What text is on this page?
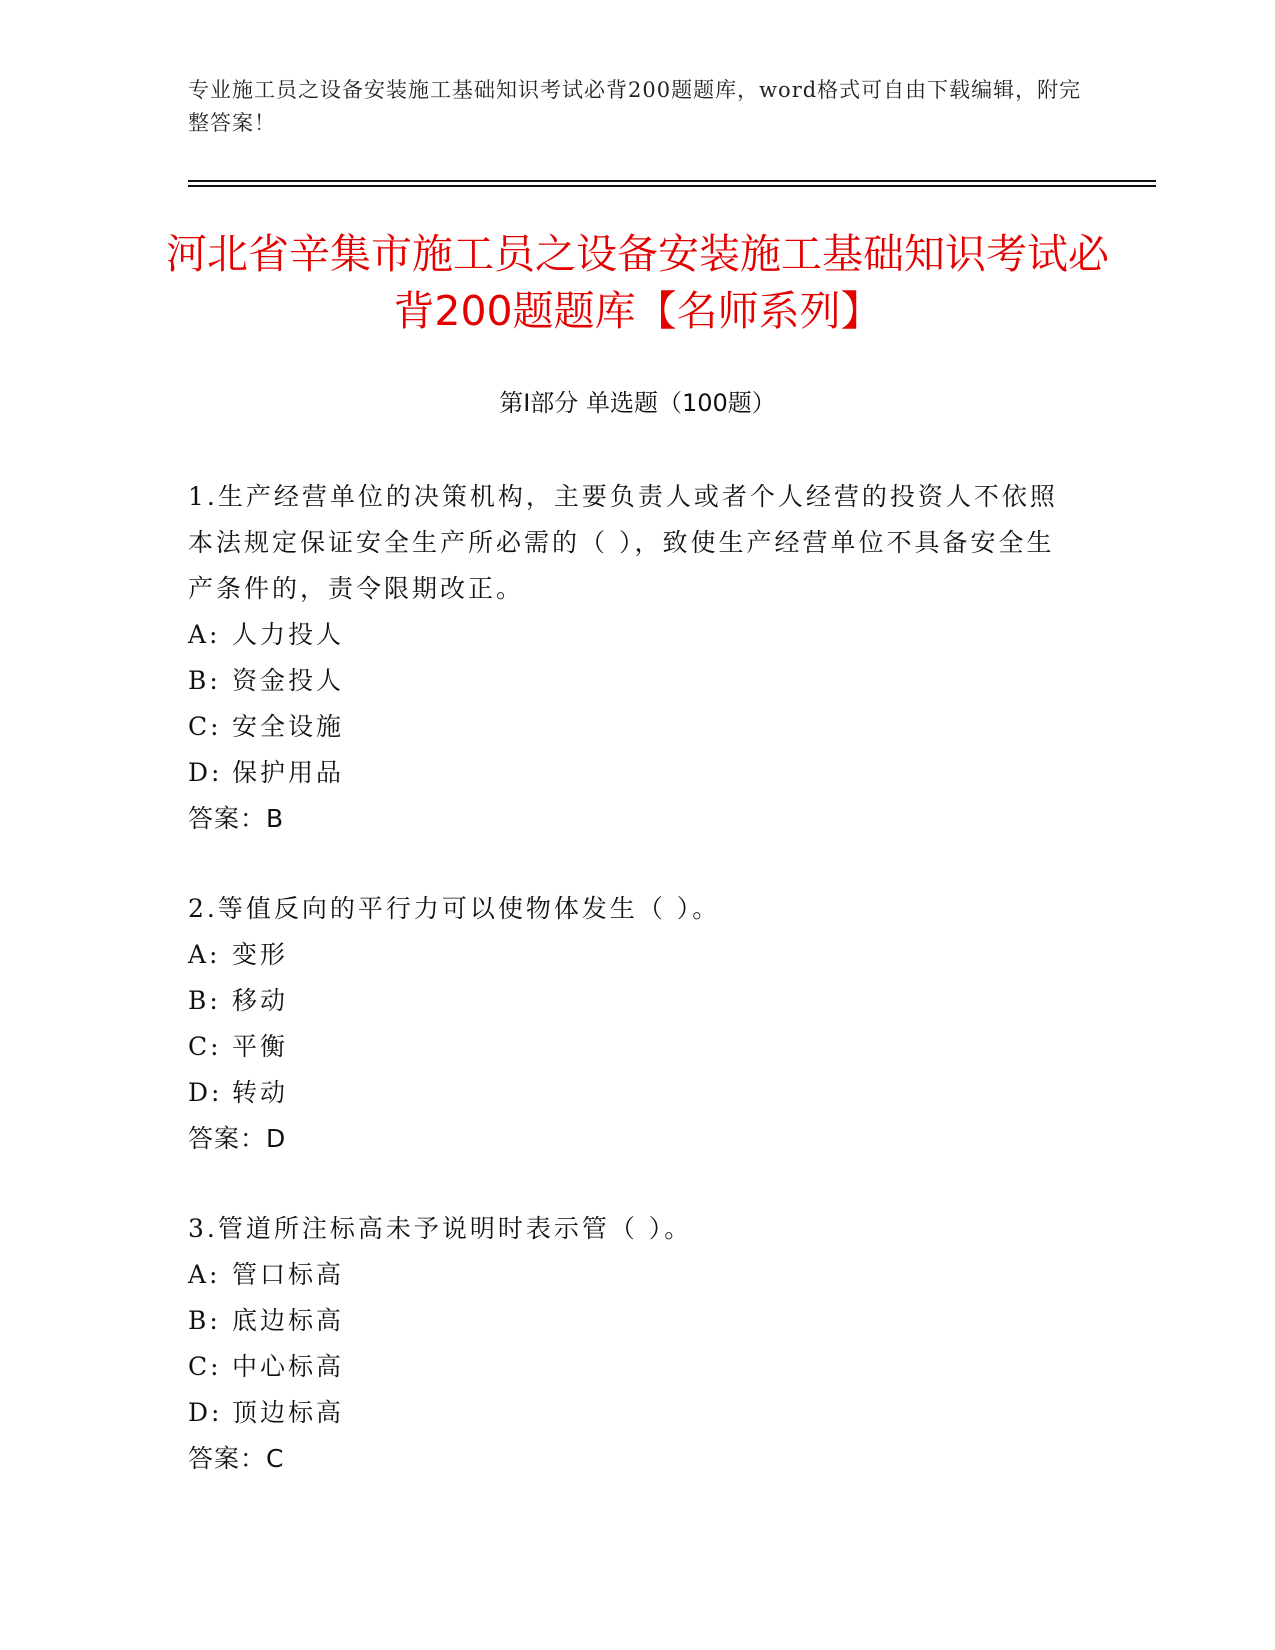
专业施工员之设备安装施工基础知识考试必背200题题库，word格式可自由下载编辑，附完整答案！
河北省辛集市施工员之设备安装施工基础知识考试必背200题题库【名师系列】
第Ⅰ部分 单选题（100题）

1.生产经营单位的决策机构，主要负责人或者个人经营的投资人不依照本法规定保证安全生产所必需的（ ），致使生产经营单位不具备安全生产条件的，责令限期改正。

A: 人力投人
B: 资金投人
C: 安全设施
D: 保护用品
答案：B

2.等值反向的平行力可以使物体发生（ ）。

A: 变形
B: 移动
C: 平衡
D: 转动
答案：D

3.管道所注标高未予说明时表示管（ ）。

A: 管口标高
B: 底边标高
C: 中心标高
D: 顶边标高
答案：C
